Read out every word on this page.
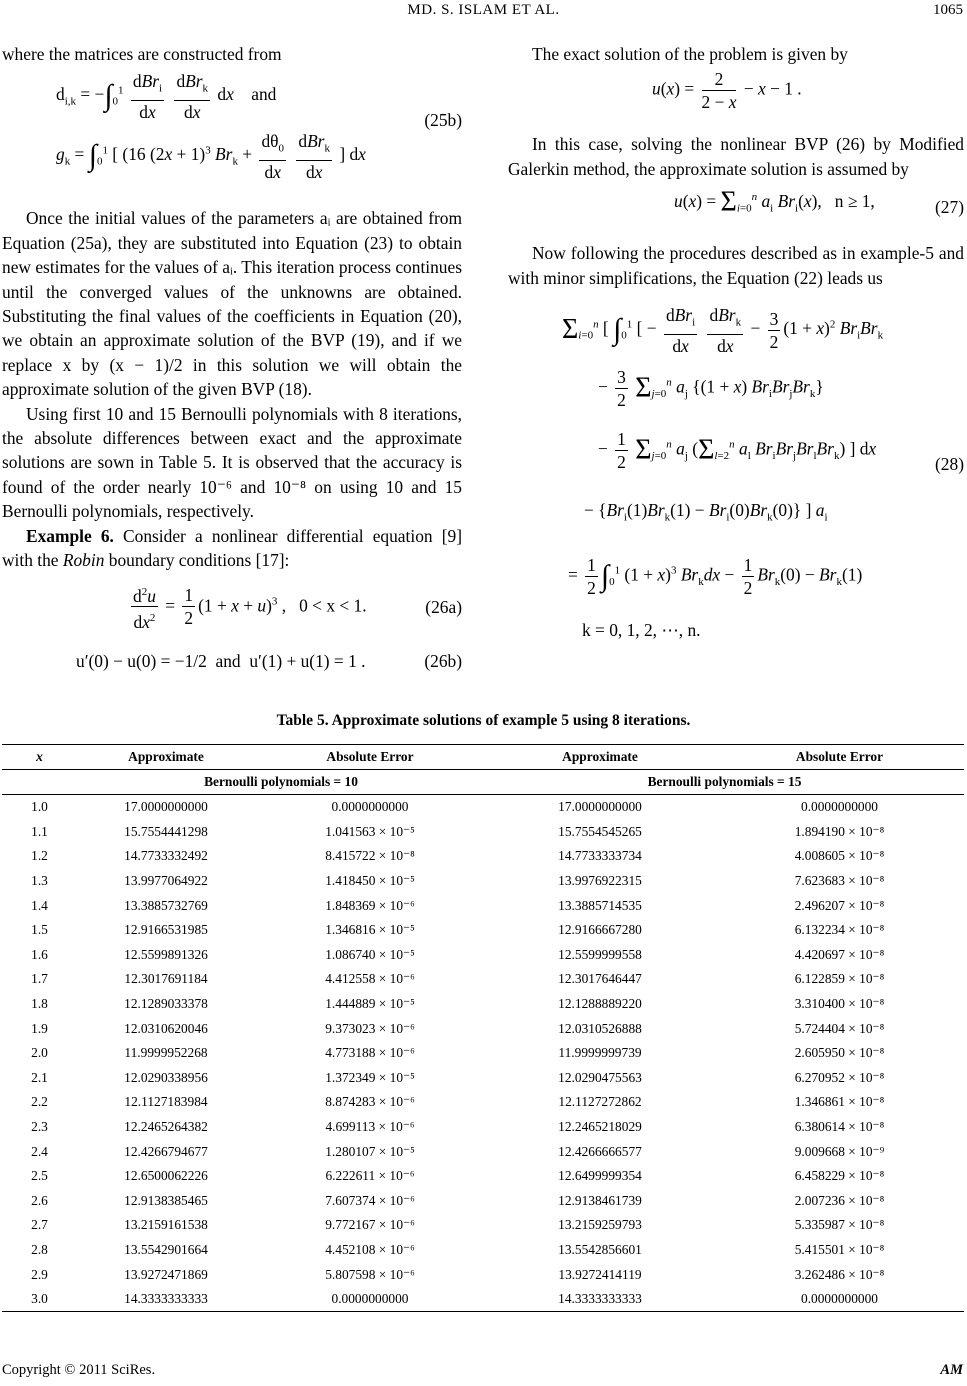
MD. S. ISLAM ET AL.	1065

where the matrices are constructed from

$d_{i,k} = -\int_0^1 \frac{dBr_i}{dx}$
$\frac{dBr_k}{dx}$ dx and
$g_k = \int_0^1$ [ (16 $(2x + 1)^3$ $Br_k + \frac{d\theta_0}{dx}$
$\frac{dBr_k}{dx}$ ] dx
(25b)

Once the initial values of the parameters aᵢ are obtained from Equation (25a), they are substituted into Equation (23) to obtain new estimates for the values of aᵢ. This iteration process continues until the converged values of the unknowns are obtained. Substituting the final values of the coefficients in Equation (20), we obtain an approximate solution of the BVP (19), and if we replace x by (x − 1)/2 in this solution we will obtain the approximate solution of the given BVP (18).

Using first 10 and 15 Bernoulli polynomials with 8 iterations, the absolute differences between exact and the approximate solutions are sown in Table 5. It is observed that the accuracy is found of the order nearly 10⁻⁶ and 10⁻⁸ on using 10 and 15 Bernoulli polynomials, respectively.

Example 6. Consider a nonlinear differential equation [9] with the Robin boundary conditions [17]:

$\frac{d^2u}{dx^2} = \frac{1}{2} (1 + x + u)^3$ ,   0 < x < 1.	(26a)
u′(0) − u(0) = −1/2 and u′(1) + u(1) = 1 .	(26b)

The exact solution of the problem is given by

$u(x) = \frac{2}{2 - x} - x - 1$ .

In this case, solving the nonlinear BVP (26) by Modified Galerkin method, the approximate solution is assumed by

$u(x) = \Sigma_{i=0}^n$ $a_i$ $Br_i(x)$,   n ≥ 1,	(27)

Now following the procedures described as in example-5 and with minor simplifications, the Equation (22) leads us

$\Sigma_{i=0}^n$ [ $\int_0^1$ [ − $\frac{dBr_i}{dx}$
$\frac{dBr_k}{dx} - \frac{3}{2} (1 + x)^2$ $Br_iBr_k$
− $\frac{3}{2} \Sigma_{j=0}^n$ $a_j$ {(1 + x) $Br_iBr_jBr_k$}
− $\frac{1}{2} \Sigma_{j=0}^n$ $a_j$ ($\Sigma_{l=2}^n$ $a_l$ $Br_iBr_jBr_lBr_k$) ] dx
− $\{Br_i(1)Br_k(1) - Br_i(0)Br_k(0)\}$ ] $a_i$
= $\frac{1}{2} \int_0^1$ $(1 + x)^3$ $Br_kdx - \frac{1}{2} Br_k(0) - Br_k(1)$
k = 0, 1, 2, ⋯, n.
(28)
Table 5. Approximate solutions of example 5 using 8 iterations.
x	Approximate	Absolute Error	Approximate	Absolute Error
	Bernoulli polynomials = 10		Bernoulli polynomials = 15	
1.0	17.0000000000	0.0000000000	17.0000000000	0.0000000000
1.1	15.7554441298	1.041563 × 10⁻⁵	15.7554545265	1.894190 × 10⁻⁸
1.2	14.7733332492	8.415722 × 10⁻⁸	14.7733333734	4.008605 × 10⁻⁸
1.3	13.9977064922	1.418450 × 10⁻⁵	13.9976922315	7.623683 × 10⁻⁸
1.4	13.3885732769	1.848369 × 10⁻⁶	13.3885714535	2.496207 × 10⁻⁸
1.5	12.9166531985	1.346816 × 10⁻⁵	12.9166667280	6.132234 × 10⁻⁸
1.6	12.5599891326	1.086740 × 10⁻⁵	12.5599999558	4.420697 × 10⁻⁸
1.7	12.3017691184	4.412558 × 10⁻⁶	12.3017646447	6.122859 × 10⁻⁸
1.8	12.1289033378	1.444889 × 10⁻⁵	12.1288889220	3.310400 × 10⁻⁸
1.9	12.0310620046	9.373023 × 10⁻⁶	12.0310526888	5.724404 × 10⁻⁸
2.0	11.9999952268	4.773188 × 10⁻⁶	11.9999999739	2.605950 × 10⁻⁸
2.1	12.0290338956	1.372349 × 10⁻⁵	12.0290475563	6.270952 × 10⁻⁸
2.2	12.1127183984	8.874283 × 10⁻⁶	12.1127272862	1.346861 × 10⁻⁸
2.3	12.2465264382	4.699113 × 10⁻⁶	12.2465218029	6.380614 × 10⁻⁸
2.4	12.4266794677	1.280107 × 10⁻⁵	12.4266666577	9.009668 × 10⁻⁹
2.5	12.6500062226	6.222611 × 10⁻⁶	12.6499999354	6.458229 × 10⁻⁸
2.6	12.9138385465	7.607374 × 10⁻⁶	12.9138461739	2.007236 × 10⁻⁸
2.7	13.2159161538	9.772167 × 10⁻⁶	13.2159259793	5.335987 × 10⁻⁸
2.8	13.5542901664	4.452108 × 10⁻⁶	13.5542856601	5.415501 × 10⁻⁸
2.9	13.9272471869	5.807598 × 10⁻⁶	13.9272414119	3.262486 × 10⁻⁸
3.0	14.3333333333	0.0000000000	14.3333333333	0.0000000000
Copyright © 2011 SciRes.	AM
